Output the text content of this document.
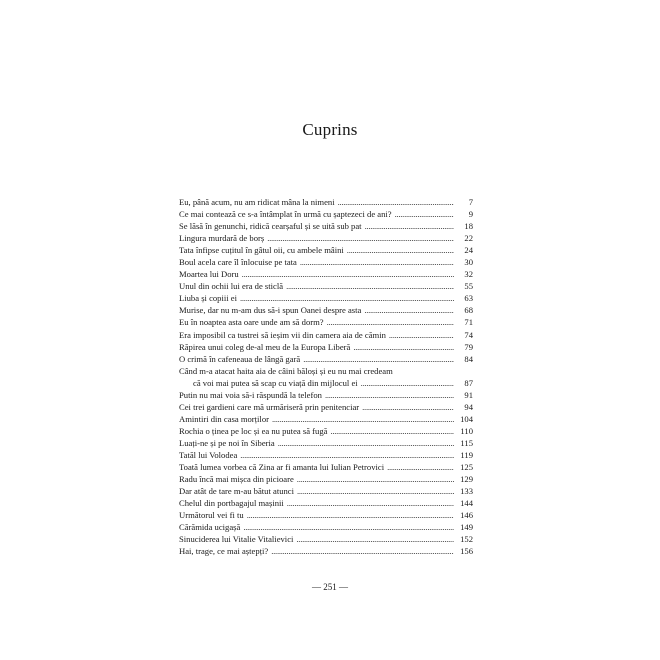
Cuprins
Eu, până acum, nu am ridicat mâna la nimeni . . .	7
Ce mai contează ce s-a întâmplat în urmă cu șaptezeci de ani? . . .	9
Se lăsă în genunchi, ridică cearșaful și se uită sub pat . . .	18
Lingura murdară de borș . . .	22
Tata înfipse cuțitul în gâtul oii, cu ambele mâini . . .	24
Boul acela care îl înlocuise pe tata . . .	30
Moartea lui Doru . . .	32
Unul din ochii lui era de sticlă . . .	55
Liuba și copiii ei . . .	63
Murise, dar nu m-am dus să-i spun Oanei despre asta . . .	68
Eu în noaptea asta oare unde am să dorm? . . .	71
Era imposibil ca tustrei să ieșim vii din camera aia de cămin . . .	74
Răpirea unui coleg de-al meu de la Europa Liberă . . .	79
O crimă în cafeneaua de lângă gară . . .	84
Când m-a atacat haita aia de câini băloși și eu nu mai credeam
că voi mai putea să scap cu viață din mijlocul ei . . .	87
Putin nu mai voia să-i răspundă la telefon . . .	91
Cei trei gardieni care mă urmăriseră prin penitenciar . . .	94
Amintiri din casa morților . . .	104
Rochia o ținea pe loc și ea nu putea să fugă . . .	110
Luați-ne și pe noi în Siberia . . .	115
Tatăl lui Volodea . . .	119
Toată lumea vorbea că Zina ar fi amanta lui Iulian Petrovici . . .	125
Radu încă mai mișca din picioare . . .	129
Dar atât de tare m-au bătut atunci . . .	133
Chelul din portbagajul mașinii . . .	144
Următorul vei fi tu . . .	146
Cărămida ucigașă . . .	149
Sinuciderea lui Vitalie Vitalievici . . .	152
Hai, trage, ce mai aștepți? . . .	156
— 251 —
